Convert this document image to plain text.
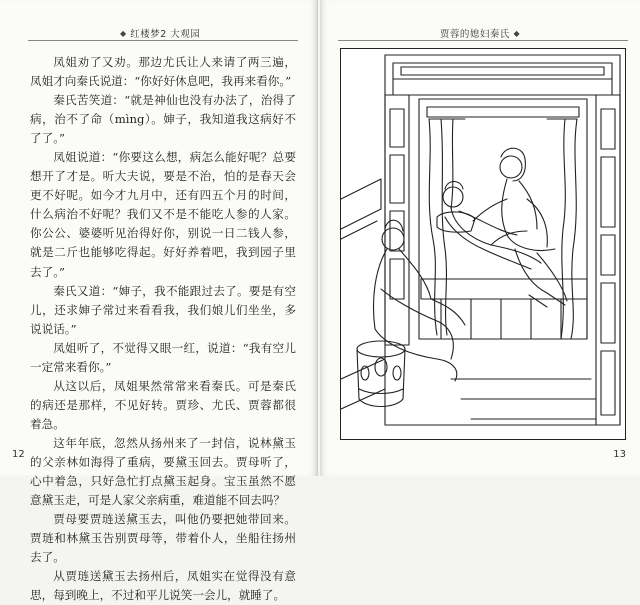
◆ 红楼梦2 大观园

凤姐劝了又劝。那边尤氏让人来请了两三遍，凤姐才向秦氏说道：“你好好休息吧，我再来看你。”

秦氏苦笑道：“就是神仙也没有办法了，治得了病，治不了命（mìng）。婶子，我知道我这病好不了了。”

凤姐说道：“你要这么想，病怎么能好呢？总要想开了才是。听大夫说，要是不治，怕的是春天会更不好呢。如今才九月中，还有四五个月的时间，什么病治不好呢？我们又不是不能吃人参的人家。你公公、婆婆听见治得好你，别说一日二钱人参，就是二斤也能够吃得起。好好养着吧，我到园子里去了。”

秦氏又道：“婶子，我不能跟过去了。要是有空儿，还求婶子常过来看看我，我们娘儿们坐坐，多说说话。”

凤姐听了，不觉得又眼一红，说道：“我有空儿一定常来看你。”

从这以后，凤姐果然常常来看秦氏。可是秦氏的病还是那样，不见好转。贾珍、尤氏、贾蓉都很着急。

这年年底，忽然从扬州来了一封信，说林黛玉的父亲林如海得了重病，要黛玉回去。贾母听了，心中着急，只好急忙打点黛玉起身。宝玉虽然不愿意黛玉走，可是人家父亲病重，难道能不回去吗？

贾母要贾琏送黛玉去，叫他仍要把她带回来。贾琏和林黛玉告别贾母等，带着仆人，坐船往扬州去了。

从贾琏送黛玉去扬州后，凤姐实在觉得没有意思，每到晚上，不过和平儿说笑一会儿，就睡了。

12
贾蓉的媳妇秦氏 ◆
13
